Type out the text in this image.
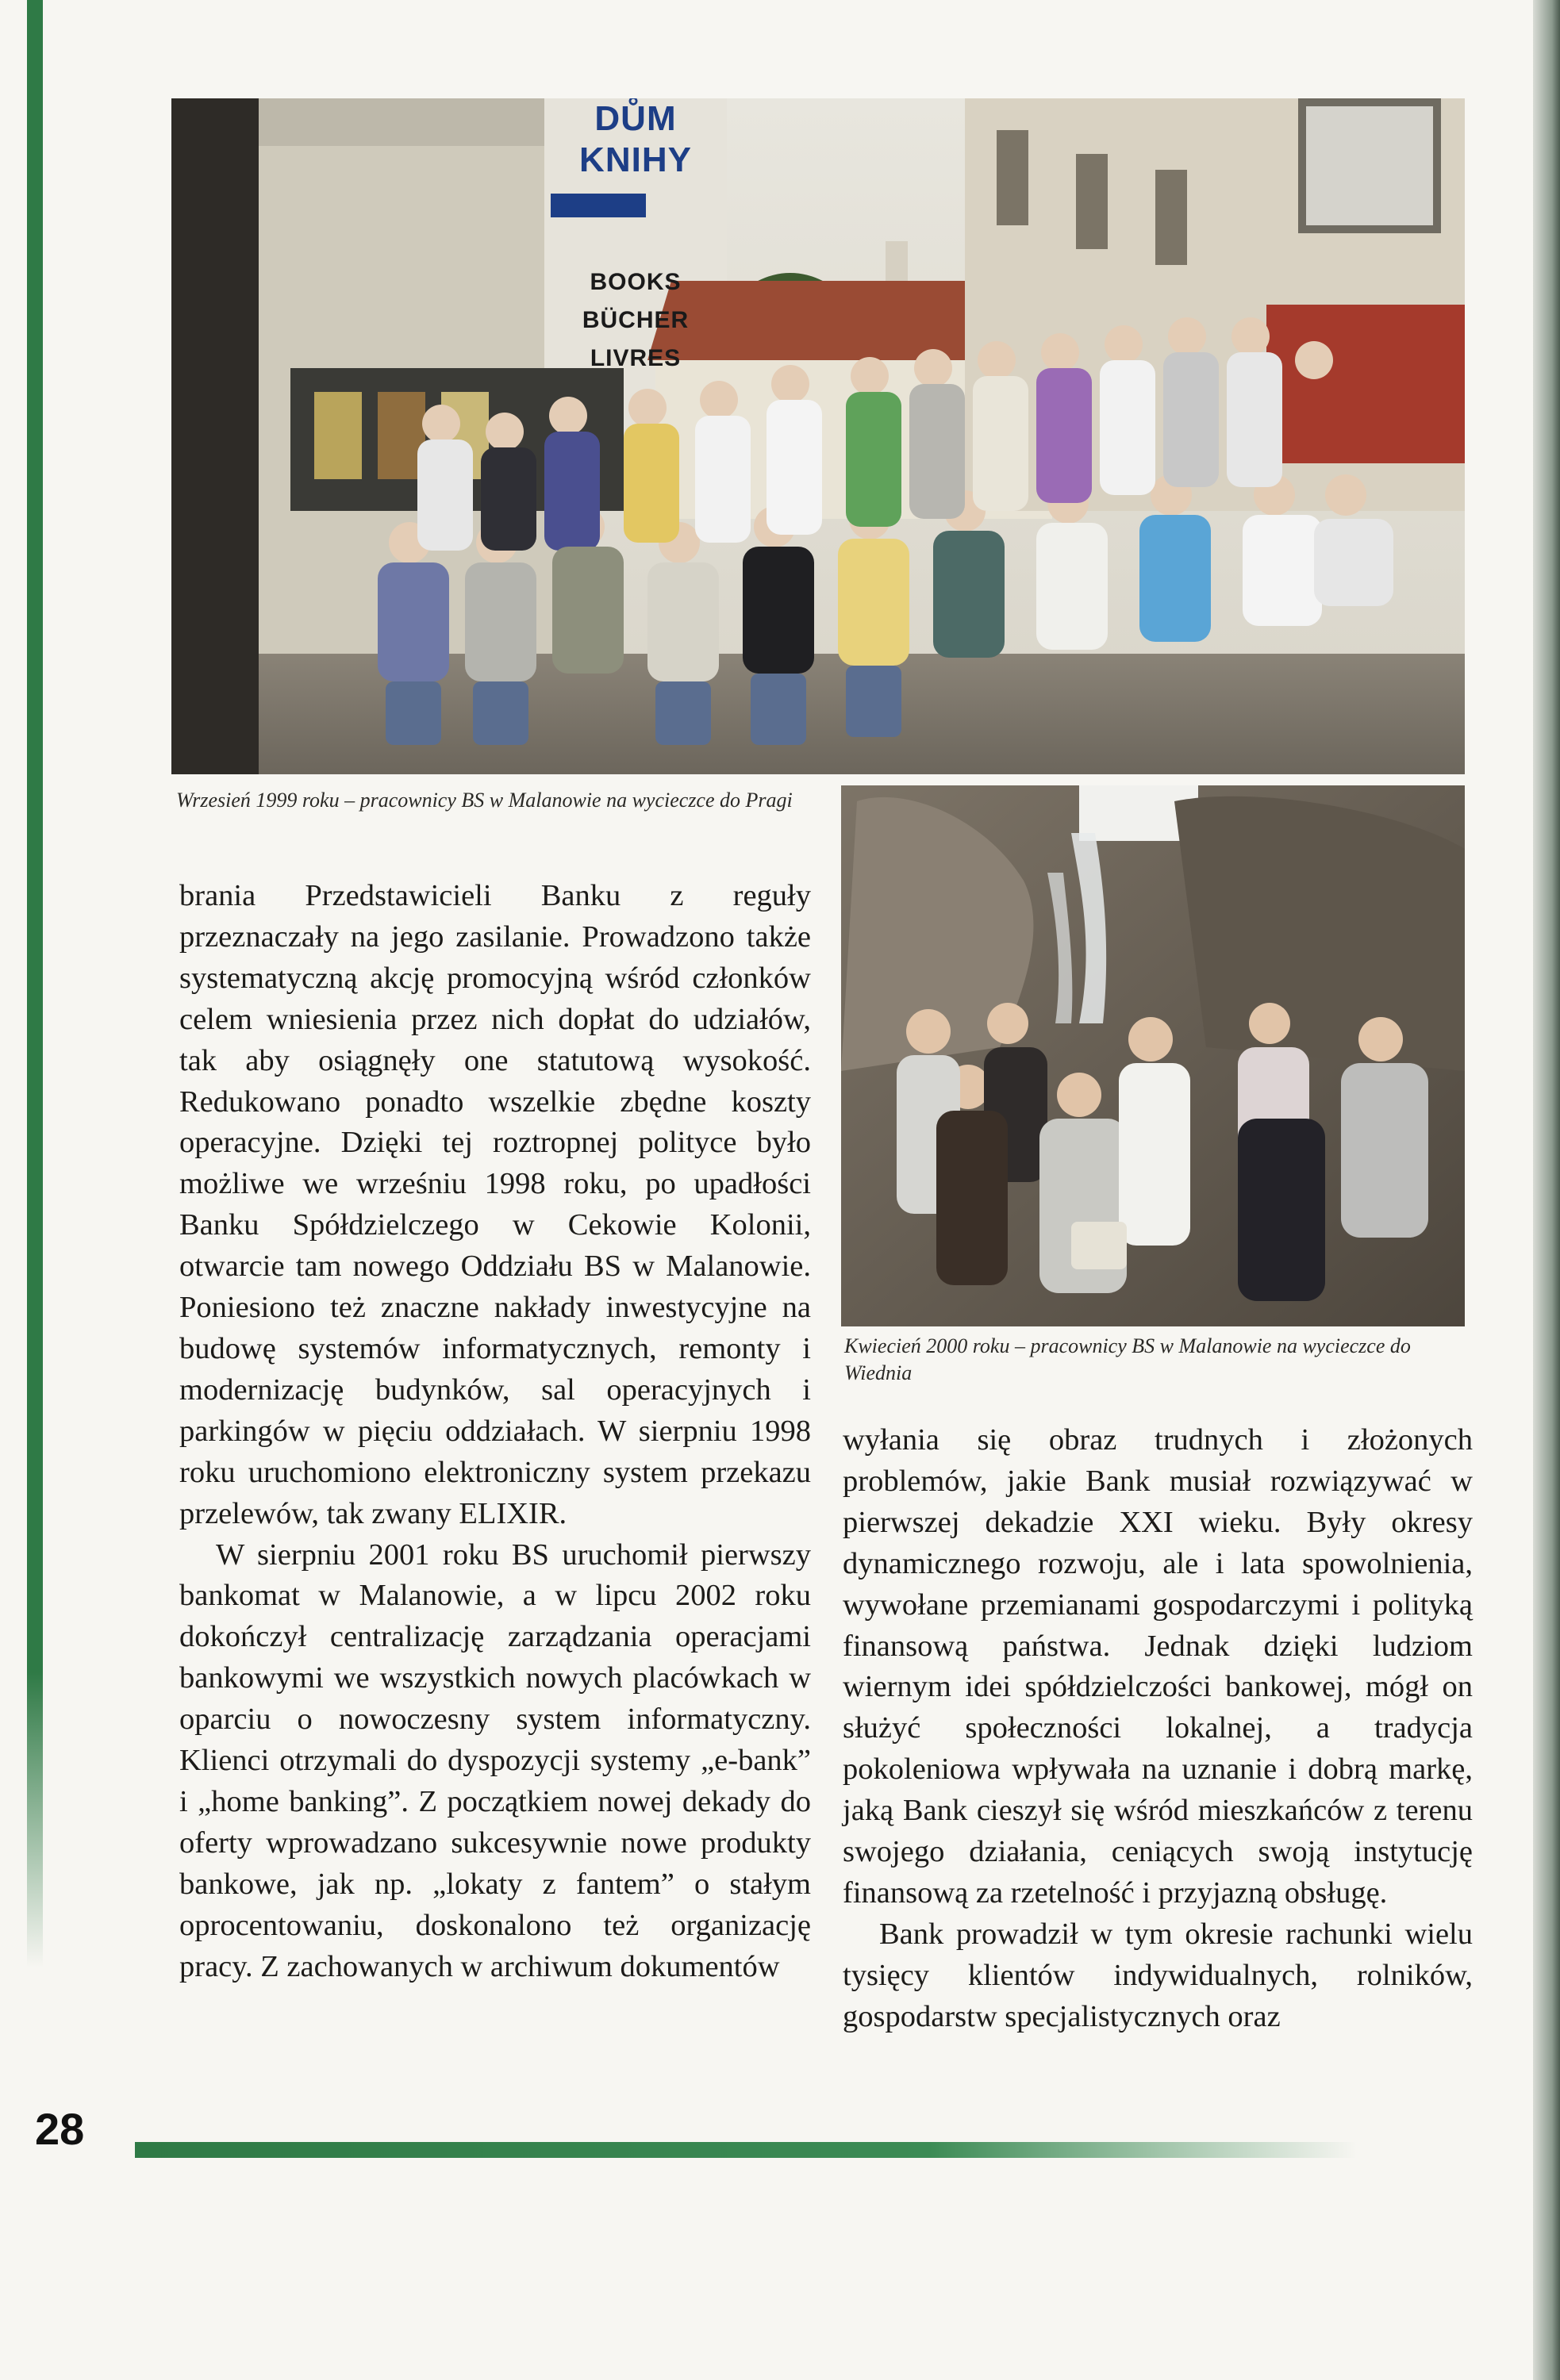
DŮM
KNIHY
BOOKS
BÜCHER
LIVRES
Wrzesień 1999 roku – pracownicy BS w Malanowie na wycieczce do Pragi
Kwiecień 2000 roku – pracownicy BS w Malanowie na wycieczce do Wiednia

brania Przedstawicieli Banku z reguły przeznaczały na jego zasilanie. Prowadzono także systematyczną akcję promocyjną wśród członków celem wniesienia przez nich dopłat do udziałów, tak aby osiągnęły one statutową wysokość. Redukowano ponadto wszelkie zbędne koszty operacyjne. Dzięki tej roztropnej polityce było możliwe we wrześniu 1998 roku, po upadłości Banku Spółdzielczego w Cekowie Kolonii, otwarcie tam nowego Oddziału BS w Malanowie. Poniesiono też znaczne nakłady inwestycyjne na budowę systemów informatycznych, remonty i modernizację budynków, sal operacyjnych i parkingów w pięciu oddziałach. W sierpniu 1998 roku uruchomiono elektroniczny system przekazu przelewów, tak zwany ELIXIR.

W sierpniu 2001 roku BS uruchomił pierwszy bankomat w Malanowie, a w lipcu 2002 roku dokończył centralizację zarządzania operacjami bankowymi we wszystkich nowych placówkach w oparciu o nowoczesny system informatyczny. Klienci otrzymali do dyspozycji systemy „e-bank” i „home banking”. Z początkiem nowej dekady do oferty wprowadzano sukcesywnie nowe produkty bankowe, jak np. „lokaty z fantem” o stałym oprocentowaniu, doskonalono też organizację pracy. Z zachowanych w archiwum dokumentów

wyłania się obraz trudnych i złożonych problemów, jakie Bank musiał rozwiązywać w pierwszej dekadzie XXI wieku. Były okresy dynamicznego rozwoju, ale i lata spowolnienia, wywołane przemianami gospodarczymi i polityką finansową państwa. Jednak dzięki ludziom wiernym idei spółdzielczości bankowej, mógł on służyć społeczności lokalnej, a tradycja pokoleniowa wpływała na uznanie i dobrą markę, jaką Bank cieszył się wśród mieszkańców z terenu swojego działania, ceniących swoją instytucję finansową za rzetelność i przyjazną obsługę.

Bank prowadził w tym okresie rachunki wielu tysięcy klientów indywidualnych, rolników, gospodarstw specjalistycznych oraz

28
